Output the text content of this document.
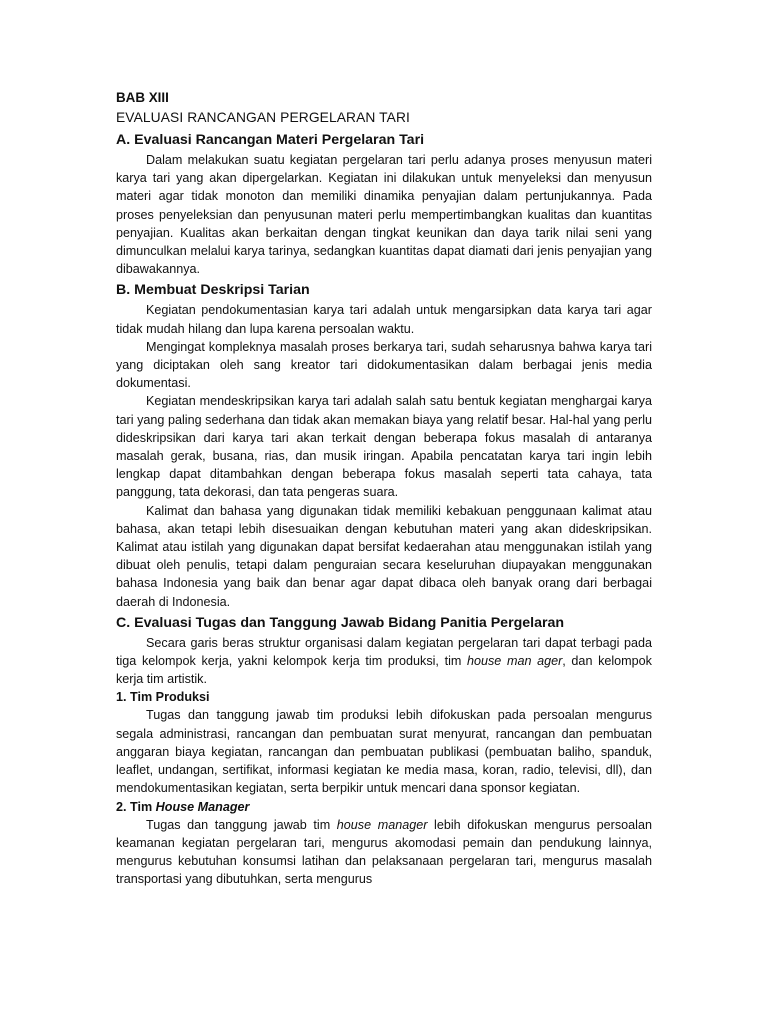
BAB XIII

EVALUASI RANCANGAN PERGELARAN TARI

A. Evaluasi Rancangan Materi Pergelaran Tari

Dalam melakukan suatu kegiatan pergelaran tari perlu adanya proses menyusun materi karya tari yang akan dipergelarkan. Kegiatan ini dilakukan untuk menyeleksi dan menyusun materi agar tidak monoton dan memiliki dinamika penyajian dalam pertunjukannya. Pada proses penyeleksian dan penyusunan materi perlu mempertimbangkan kualitas dan kuantitas penyajian. Kualitas akan berkaitan dengan tingkat keunikan dan daya tarik nilai seni yang dimunculkan melalui karya tarinya, sedangkan kuantitas dapat diamati dari jenis penyajian yang dibawakannya.

B. Membuat Deskripsi Tarian

Kegiatan pendokumentasian karya tari adalah untuk mengarsipkan data karya tari agar tidak mudah hilang dan lupa karena persoalan waktu.

Mengingat kompleknya masalah proses berkarya tari, sudah seharusnya bahwa karya tari yang diciptakan oleh sang kreator tari didokumentasikan dalam berbagai jenis media dokumentasi.

Kegiatan mendeskripsikan karya tari adalah salah satu bentuk kegiatan menghargai karya tari yang paling sederhana dan tidak akan memakan biaya yang relatif besar. Hal-hal yang perlu dideskripsikan dari karya tari akan terkait dengan beberapa fokus masalah di antaranya masalah gerak, busana, rias, dan musik iringan. Apabila pencatatan karya tari ingin lebih lengkap dapat ditambahkan dengan beberapa fokus masalah seperti tata cahaya, tata panggung, tata dekorasi, dan tata pengeras suara.

Kalimat dan bahasa yang digunakan tidak memiliki kebakuan penggunaan kalimat atau bahasa, akan tetapi lebih disesuaikan dengan kebutuhan materi yang akan dideskripsikan. Kalimat atau istilah yang digunakan dapat bersifat kedaerahan atau menggunakan istilah yang dibuat oleh penulis, tetapi dalam penguraian secara keseluruhan diupayakan menggunakan bahasa Indonesia yang baik dan benar agar dapat dibaca oleh banyak orang dari berbagai daerah di Indonesia.

C. Evaluasi Tugas dan Tanggung Jawab Bidang Panitia Pergelaran

Secara garis beras struktur organisasi dalam kegiatan pergelaran tari dapat terbagi pada tiga kelompok kerja, yakni kelompok kerja tim produksi, tim house man ager, dan kelompok kerja tim artistik.

1. Tim Produksi

Tugas dan tanggung jawab tim produksi lebih difokuskan pada persoalan mengurus segala administrasi, rancangan dan pembuatan surat menyurat, rancangan dan pembuatan anggaran biaya kegiatan, rancangan dan pembuatan publikasi (pembuatan baliho, spanduk, leaflet, undangan, sertifikat, informasi kegiatan ke media masa, koran, radio, televisi, dll), dan mendokumentasikan kegiatan, serta berpikir untuk mencari dana sponsor kegiatan.

2. Tim House Manager

Tugas dan tanggung jawab tim house manager lebih difokuskan mengurus persoalan keamanan kegiatan pergelaran tari, mengurus akomodasi pemain dan pendukung lainnya, mengurus kebutuhan konsumsi latihan dan pelaksanaan pergelaran tari, mengurus masalah transportasi yang dibutuhkan, serta mengurus
